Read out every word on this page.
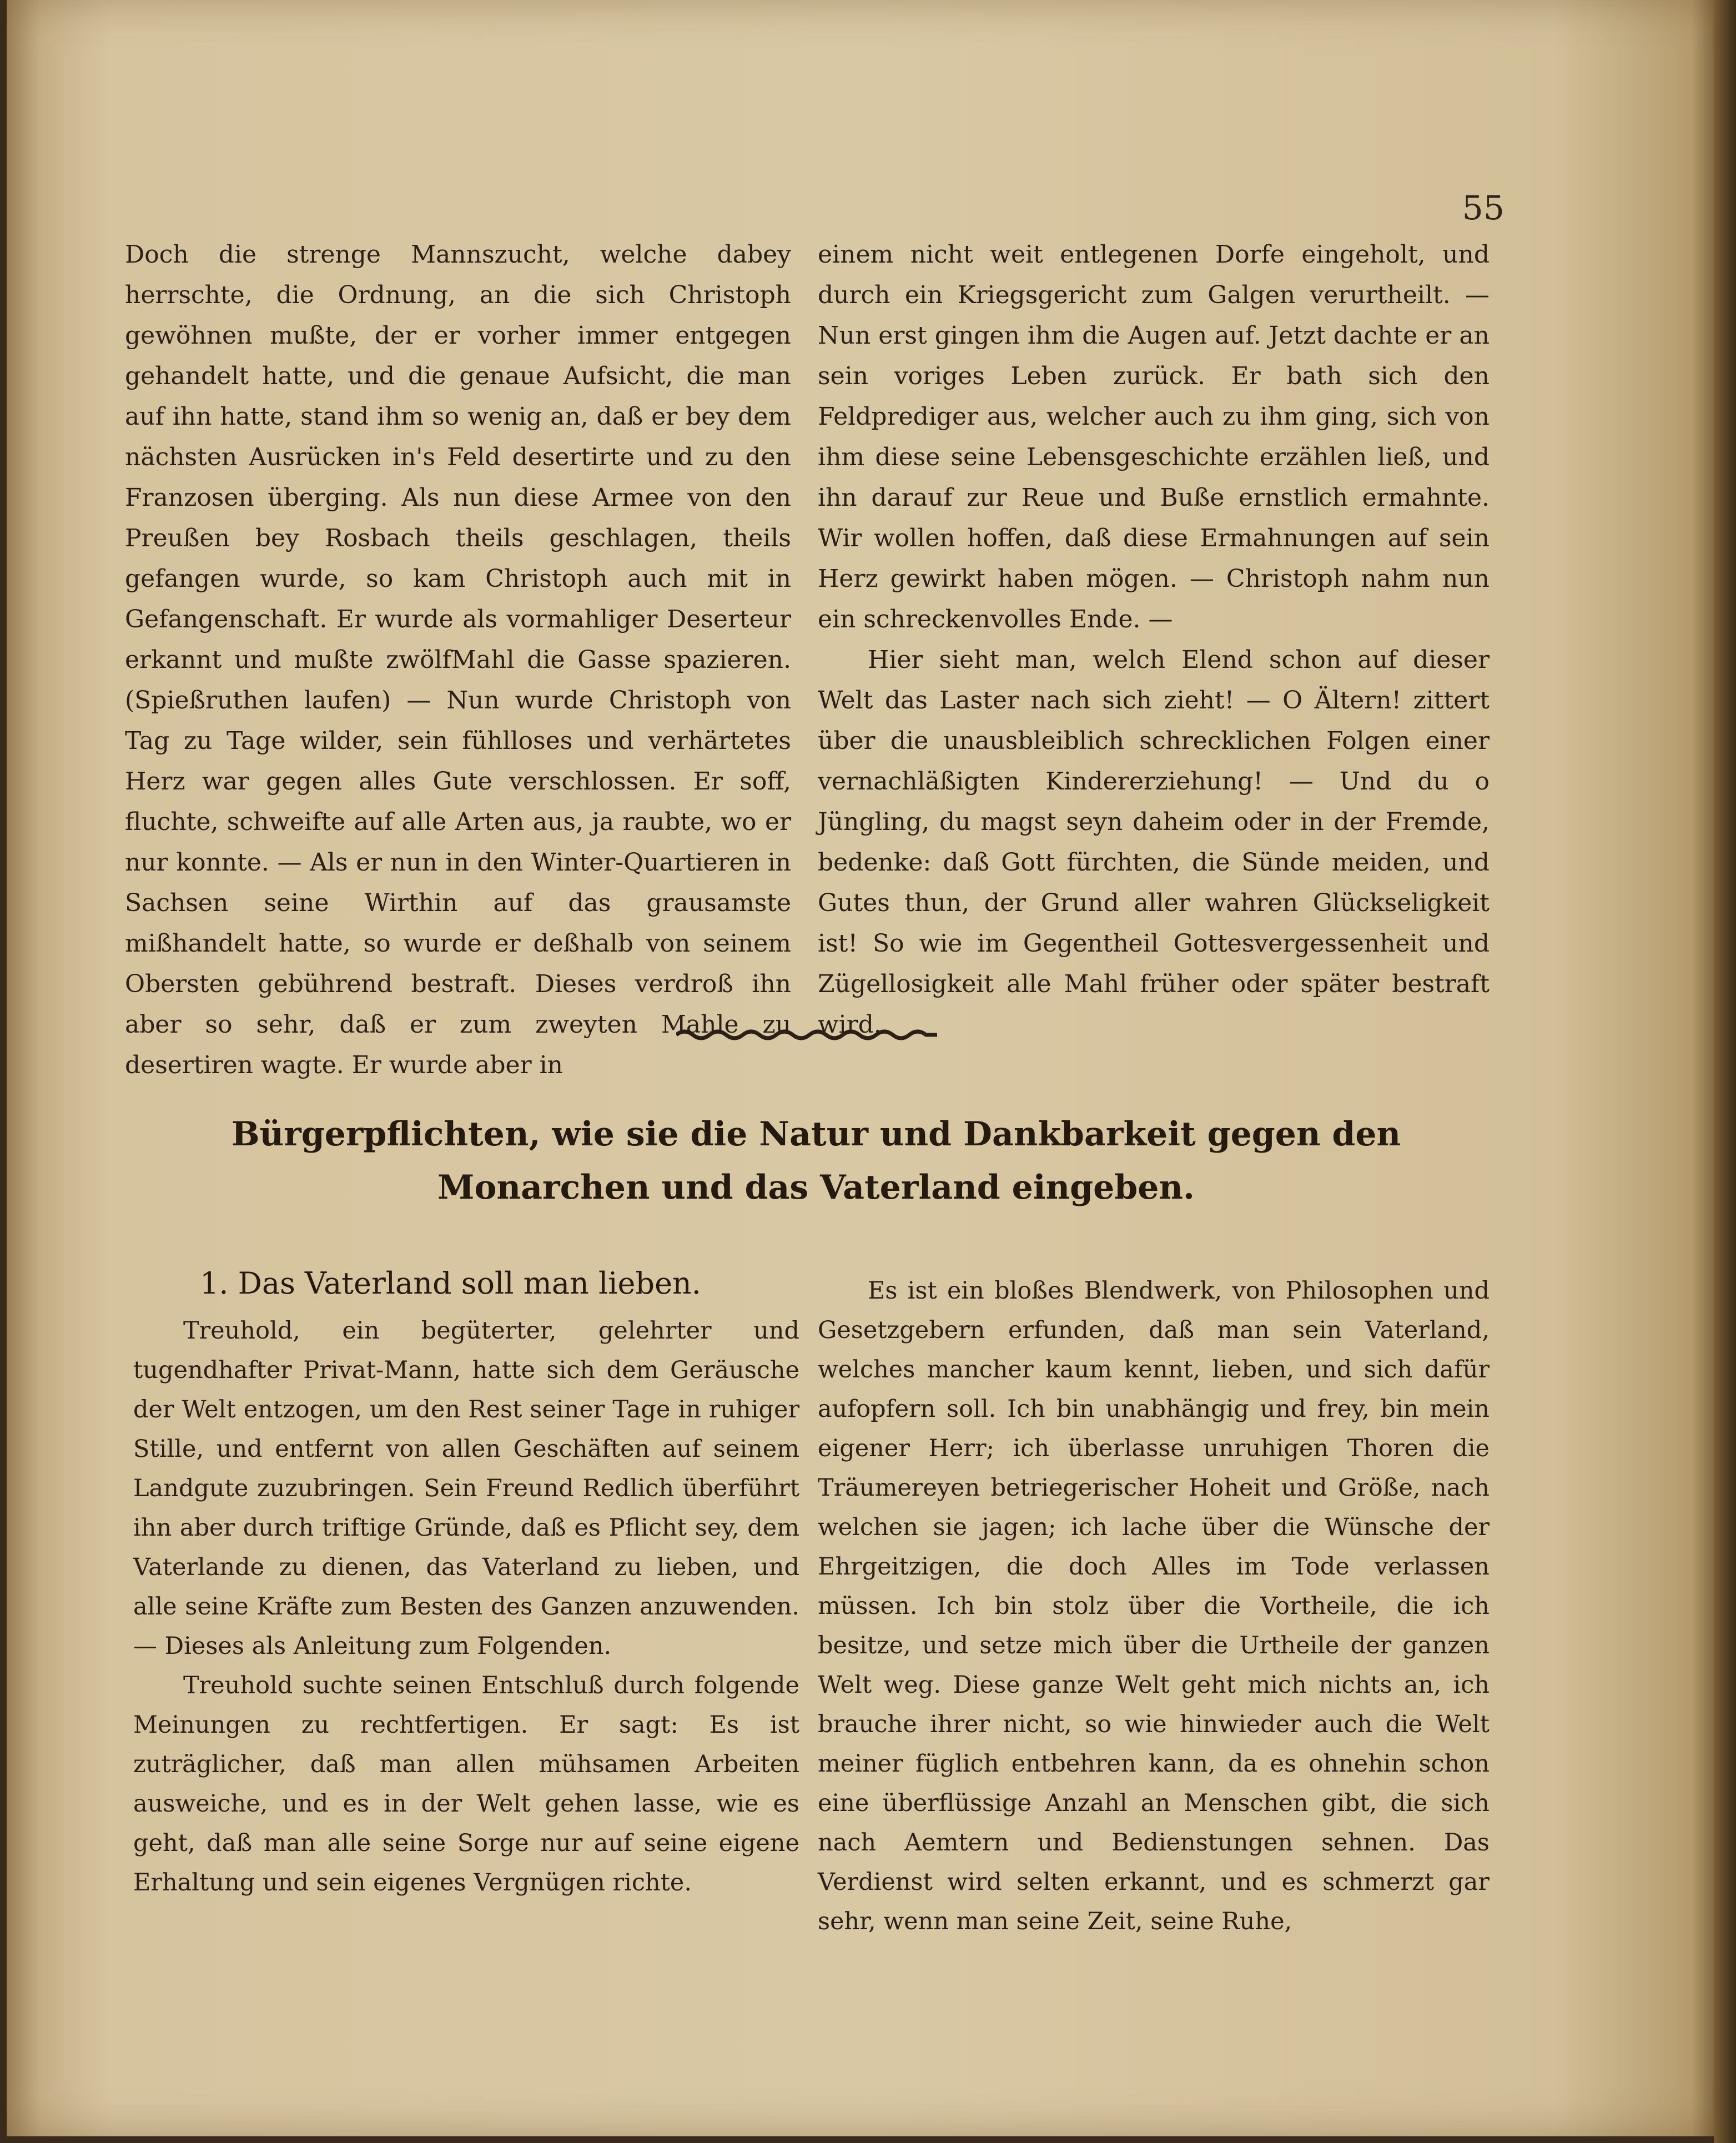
55

Doch die strenge Mannszucht, welche dabey herrschte, die Ordnung, an die sich Christoph gewöhnen mußte, der er vorher immer entgegen gehandelt hatte, und die genaue Aufsicht, die man auf ihn hatte, stand ihm so wenig an, daß er bey dem nächsten Ausrücken in's Feld desertirte und zu den Franzosen überging. Als nun diese Armee von den Preußen bey Rosbach theils geschlagen, theils gefangen wurde, so kam Christoph auch mit in Gefangenschaft. Er wurde als vormahliger Deserteur erkannt und mußte zwölfMahl die Gasse spazieren. (Spießruthen laufen) — Nun wurde Christoph von Tag zu Tage wilder, sein fühlloses und verhärtetes Herz war gegen alles Gute verschlossen. Er soff, fluchte, schweifte auf alle Arten aus, ja raubte, wo er nur konnte. — Als er nun in den Winter-Quartieren in Sachsen seine Wirthin auf das grausamste mißhandelt hatte, so wurde er deßhalb von seinem Obersten gebührend bestraft. Dieses verdroß ihn aber so sehr, daß er zum zweyten Mahle zu desertiren wagte. Er wurde aber in

einem nicht weit entlegenen Dorfe eingeholt, und durch ein Kriegsgericht zum Galgen verurtheilt. — Nun erst gingen ihm die Augen auf. Jetzt dachte er an sein voriges Leben zurück. Er bath sich den Feldprediger aus, welcher auch zu ihm ging, sich von ihm diese seine Lebensgeschichte erzählen ließ, und ihn darauf zur Reue und Buße ernstlich ermahnte. Wir wollen hoffen, daß diese Ermahnungen auf sein Herz gewirkt haben mögen. — Christoph nahm nun ein schreckenvolles Ende. —

Hier sieht man, welch Elend schon auf dieser Welt das Laster nach sich zieht! — O Ältern! zittert über die unausbleiblich schrecklichen Folgen einer vernachläßigten Kindererziehung! — Und du o Jüngling, du magst seyn daheim oder in der Fremde, bedenke: daß Gott fürchten, die Sünde meiden, und Gutes thun, der Grund aller wahren Glückseligkeit ist! So wie im Gegentheil Gottesvergessenheit und Zügellosigkeit alle Mahl früher oder später bestraft wird.

Bürgerpflichten, wie sie die Natur und Dankbarkeit gegen den Monarchen und das Vaterland eingeben.
1. Das Vaterland soll man lieben.

Treuhold, ein begüterter, gelehrter und tugendhafter Privat-Mann, hatte sich dem Geräusche der Welt entzogen, um den Rest seiner Tage in ruhiger Stille, und entfernt von allen Geschäften auf seinem Landgute zuzubringen. Sein Freund Redlich überführt ihn aber durch triftige Gründe, daß es Pflicht sey, dem Vaterlande zu dienen, das Vaterland zu lieben, und alle seine Kräfte zum Besten des Ganzen anzuwenden. — Dieses als Anleitung zum Folgenden.

Treuhold suchte seinen Entschluß durch folgende Meinungen zu rechtfertigen. Er sagt: Es ist zuträglicher, daß man allen mühsamen Arbeiten ausweiche, und es in der Welt gehen lasse, wie es geht, daß man alle seine Sorge nur auf seine eigene Erhaltung und sein eigenes Vergnügen richte.

Es ist ein bloßes Blendwerk, von Philosophen und Gesetzgebern erfunden, daß man sein Vaterland, welches mancher kaum kennt, lieben, und sich dafür aufopfern soll. Ich bin unabhängig und frey, bin mein eigener Herr; ich überlasse unruhigen Thoren die Träumereyen betriegerischer Hoheit und Größe, nach welchen sie jagen; ich lache über die Wünsche der Ehrgeitzigen, die doch Alles im Tode verlassen müssen. Ich bin stolz über die Vortheile, die ich besitze, und setze mich über die Urtheile der ganzen Welt weg. Diese ganze Welt geht mich nichts an, ich brauche ihrer nicht, so wie hinwieder auch die Welt meiner füglich entbehren kann, da es ohnehin schon eine überflüssige Anzahl an Menschen gibt, die sich nach Aemtern und Bedienstungen sehnen. Das Verdienst wird selten erkannt, und es schmerzt gar sehr, wenn man seine Zeit, seine Ruhe,
